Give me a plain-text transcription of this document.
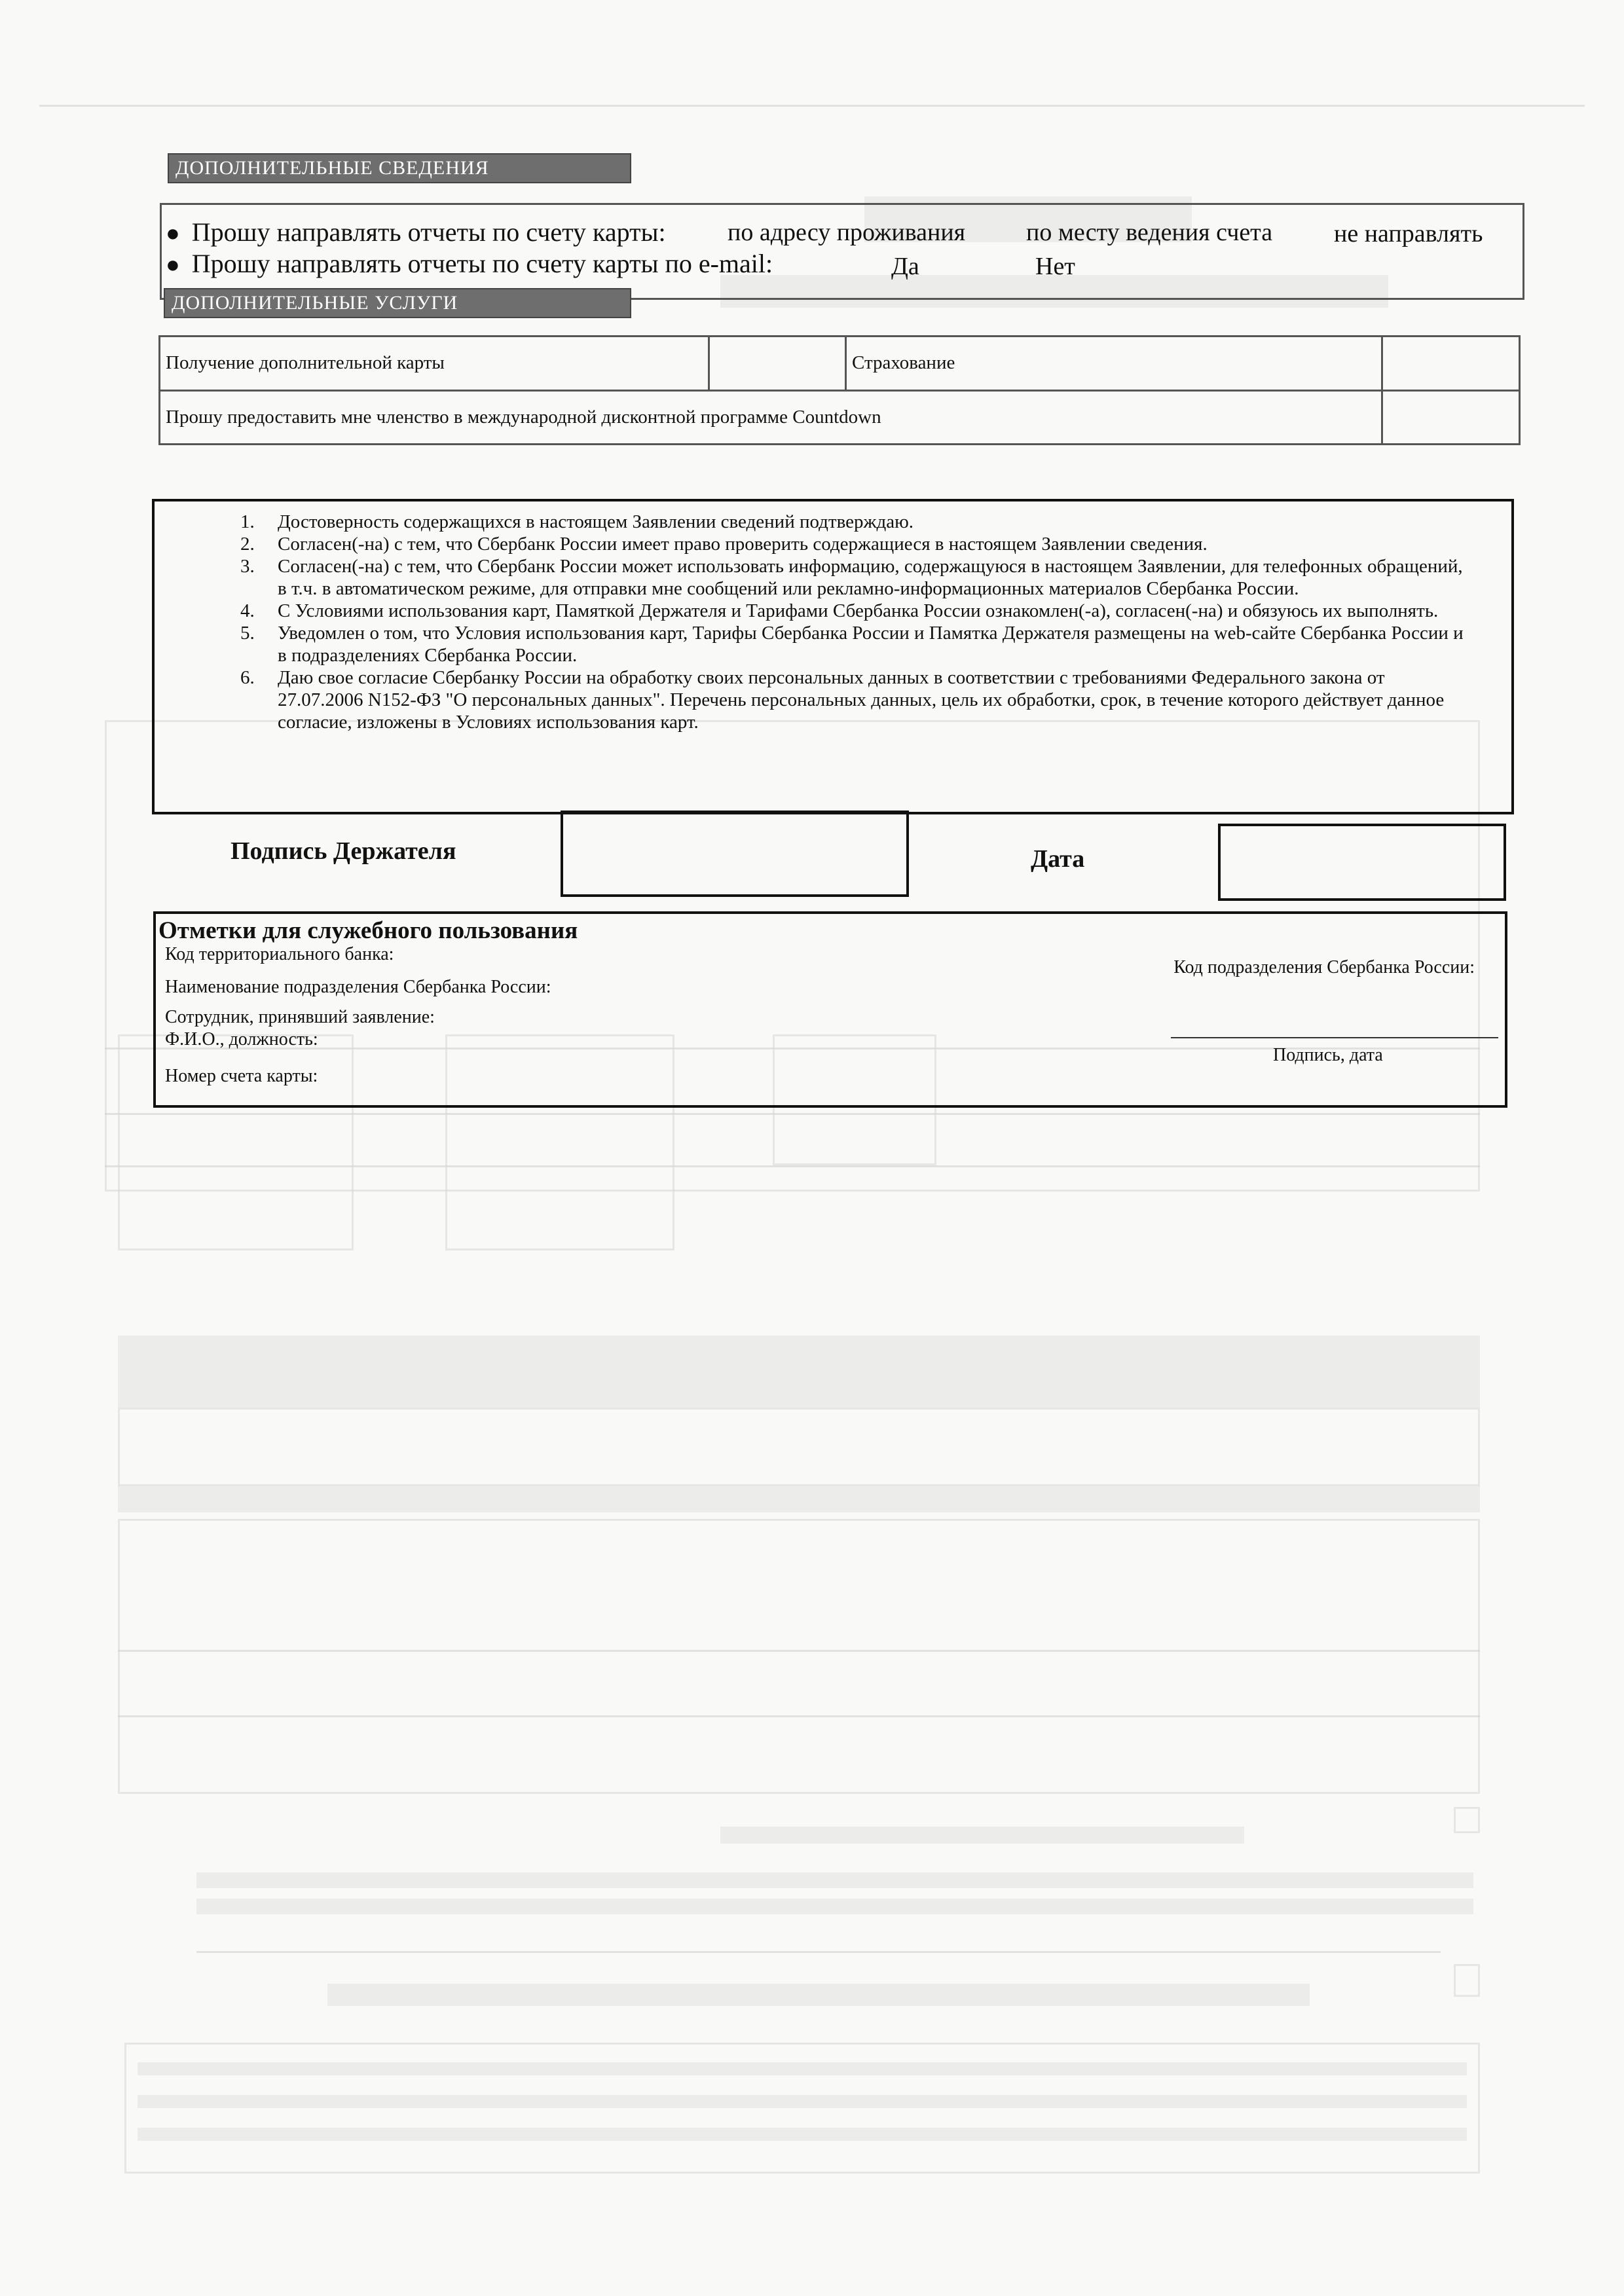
ДОПОЛНИТЕЛЬНЫЕ СВЕДЕНИЯ
● Прошу направлять отчеты по счету карты: по адресу проживания по месту ведения счета не направлять
● Прошу направлять отчеты по счету карты по e-mail:	Да	Нет
ДОПОЛНИТЕЛЬНЫЕ УСЛУГИ
Получение дополнительной карты		Страхование	
Прошу предоставить мне членство в международной дисконтной программе Countdown			
1. Достоверность содержащихся в настоящем Заявлении сведений подтверждаю.
2. Согласен(-на) с тем, что Сбербанк России имеет право проверить содержащиеся в настоящем Заявлении сведения.
3. Согласен(-на) с тем, что Сбербанк России может использовать информацию, содержащуюся в настоящем Заявлении, для телефонных обращений, в т.ч. в автоматическом режиме, для отправки мне сообщений или рекламно-информационных материалов Сбербанка России.
4. С Условиями использования карт, Памяткой Держателя и Тарифами Сбербанка России ознакомлен(-а), согласен(-на) и обязуюсь их выполнять.
5. Уведомлен о том, что Условия использования карт, Тарифы Сбербанка России и Памятка Держателя размещены на web-сайте Сбербанка России и в подразделениях Сбербанка России.
6. Даю свое согласие Сбербанку России на обработку своих персональных данных в соответствии с требованиями Федерального закона от 27.07.2006 N152-ФЗ "О персональных данных". Перечень персональных данных, цель их обработки, срок, в течение которого действует данное согласие, изложены в Условиях использования карт.
Подпись Держателя	Дата
Отметки для служебного пользования
Код территориального банка:
Код подразделения Сбербанка России:
Наименование подразделения Сбербанка России:
Сотрудник, принявший заявление:
Ф.И.О., должность:
Подпись, дата
Номер счета карты:
